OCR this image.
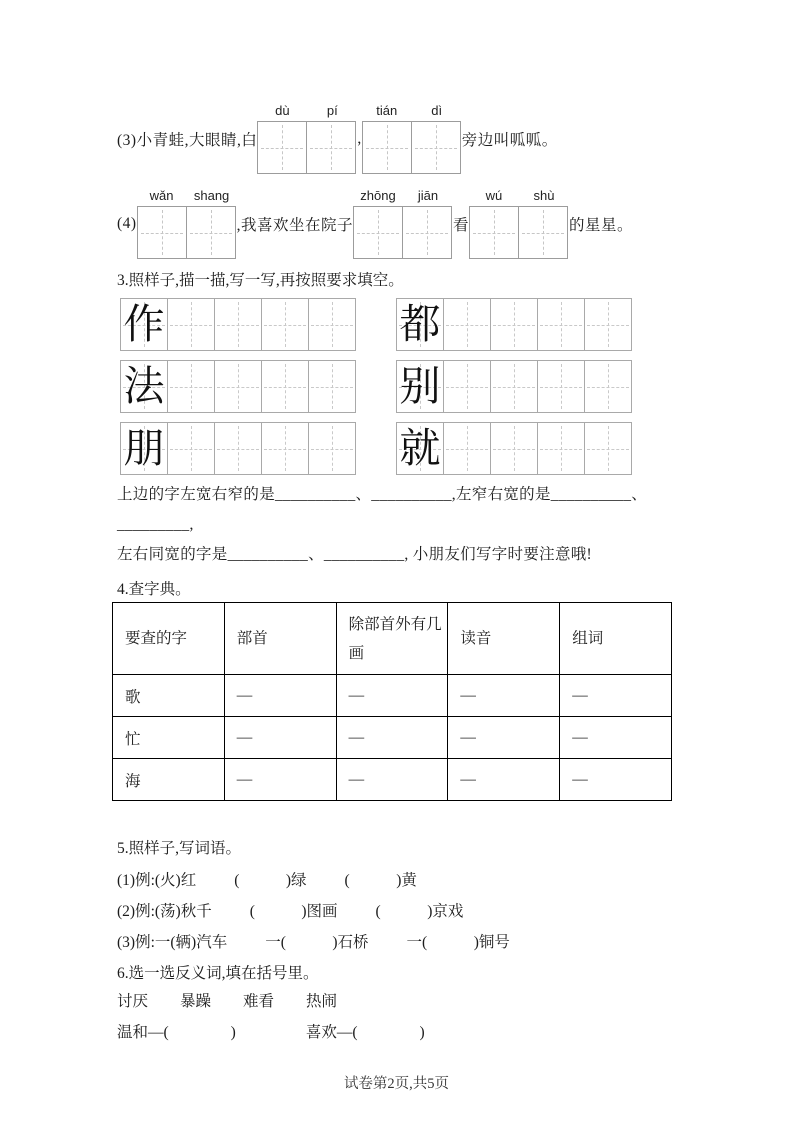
(3)小青蛙,大眼睛,白
dù	pí
,
tián	dì
旁边叫呱呱。
(4)
wǎn	shang
,我喜欢坐在院子
zhōng	jiān
看
wú	shù
的星星。
3.照样子,描一描,写一写,再按照要求填空。
作	都
法	别
朋	就
上边的字左宽右窄的是__________、__________,左窄右宽的是__________、_________,
左右同宽的字是__________、__________, 小朋友们写字时要注意哦!
4.查字典。
要查的字	部首	除部首外有几画	读音	组词
歌	—	—	—	—
忙	—	—	—	—
海	—	—	—	—
5.照样子,写词语。
(1)例:(火)红 (　　　)绿 (　　　)黄
(2)例:(荡)秋千 (　　　)图画 (　　　)京戏
(3)例:一(辆)汽车 一(　　　)石桥 一(　　　)铜号
6.选一选反义词,填在括号里。
讨厌 暴躁 难看 热闹
温和—(　　　　)	喜欢—(　　　　)
试卷第2页,共5页
